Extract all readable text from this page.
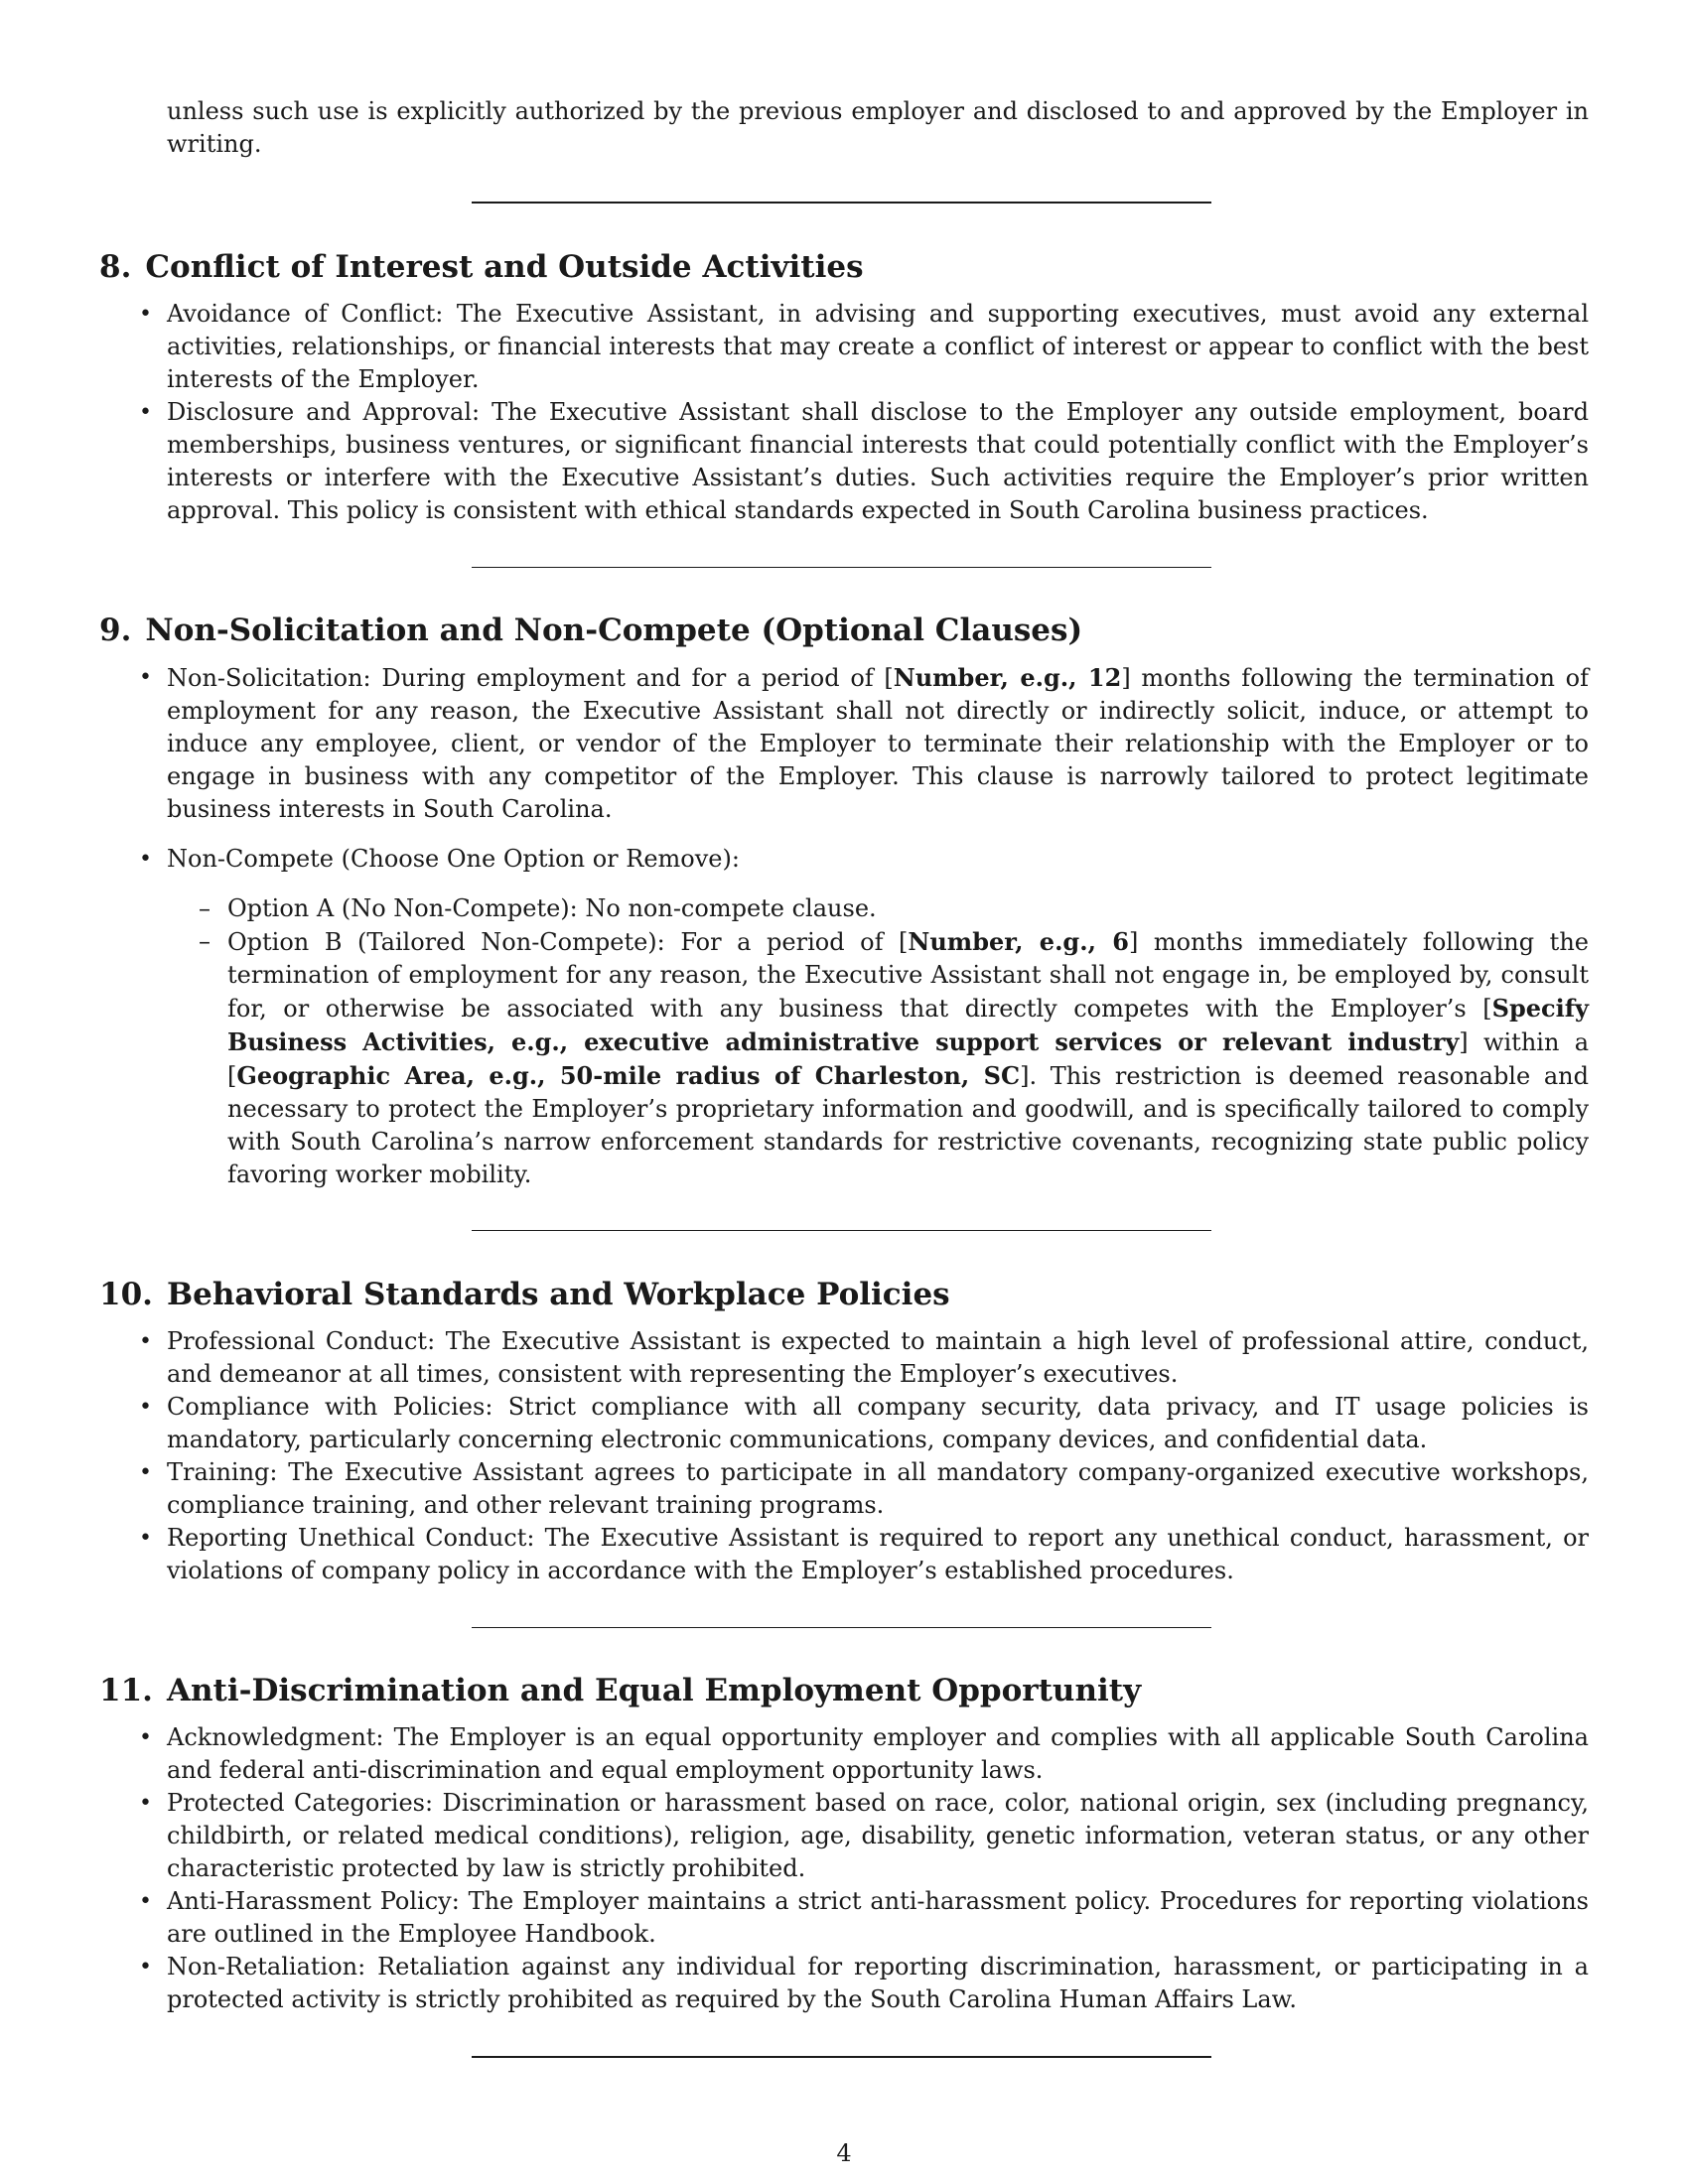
unless such use is explicitly authorized by the previous employer and disclosed to and approved by the Employer in writing.

8. Conflict of Interest and Outside Activities
• Avoidance of Conflict: The Executive Assistant, in advising and supporting executives, must avoid any external activities, relationships, or financial interests that may create a conflict of interest or appear to conflict with the best interests of the Employer.
• Disclosure and Approval: The Executive Assistant shall disclose to the Employer any outside employment, board memberships, business ventures, or significant financial interests that could potentially conflict with the Employer’s interests or interfere with the Executive Assistant’s duties. Such activities require the Employer’s prior written approval. This policy is consistent with ethical standards expected in South Carolina business practices.
9. Non-Solicitation and Non-Compete (Optional Clauses)
• Non-Solicitation: During employment and for a period of [Number, e.g., 12] months following the termination of employment for any reason, the Executive Assistant shall not directly or indirectly solicit, induce, or attempt to induce any employee, client, or vendor of the Employer to terminate their relationship with the Employer or to engage in business with any competitor of the Employer. This clause is narrowly tailored to protect legitimate business interests in South Carolina.
• Non-Compete (Choose One Option or Remove):
– Option A (No Non-Compete): No non-compete clause.
– Option B (Tailored Non-Compete): For a period of [Number, e.g., 6] months immediately following the termination of employment for any reason, the Executive Assistant shall not engage in, be employed by, consult for, or otherwise be associated with any business that directly competes with the Employer’s [Specify Business Activities, e.g., executive administrative support services or relevant industry] within a [Geographic Area, e.g., 50-mile radius of Charleston, SC]. This restriction is deemed reasonable and necessary to protect the Employer’s proprietary information and goodwill, and is specifically tailored to comply with South Carolina’s narrow enforcement standards for restrictive covenants, recognizing state public policy favoring worker mobility.
10. Behavioral Standards and Workplace Policies
• Professional Conduct: The Executive Assistant is expected to maintain a high level of professional attire, conduct, and demeanor at all times, consistent with representing the Employer’s executives.
• Compliance with Policies: Strict compliance with all company security, data privacy, and IT usage policies is mandatory, particularly concerning electronic communications, company devices, and confidential data.
• Training: The Executive Assistant agrees to participate in all mandatory company-organized executive workshops, compliance training, and other relevant training programs.
• Reporting Unethical Conduct: The Executive Assistant is required to report any unethical conduct, harassment, or violations of company policy in accordance with the Employer’s established procedures.
11. Anti-Discrimination and Equal Employment Opportunity
• Acknowledgment: The Employer is an equal opportunity employer and complies with all applicable South Carolina and federal anti-discrimination and equal employment opportunity laws.
• Protected Categories: Discrimination or harassment based on race, color, national origin, sex (including pregnancy, childbirth, or related medical conditions), religion, age, disability, genetic information, veteran status, or any other characteristic protected by law is strictly prohibited.
• Anti-Harassment Policy: The Employer maintains a strict anti-harassment policy. Procedures for reporting violations are outlined in the Employee Handbook.
• Non-Retaliation: Retaliation against any individual for reporting discrimination, harassment, or participating in a protected activity is strictly prohibited as required by the South Carolina Human Affairs Law.
4
